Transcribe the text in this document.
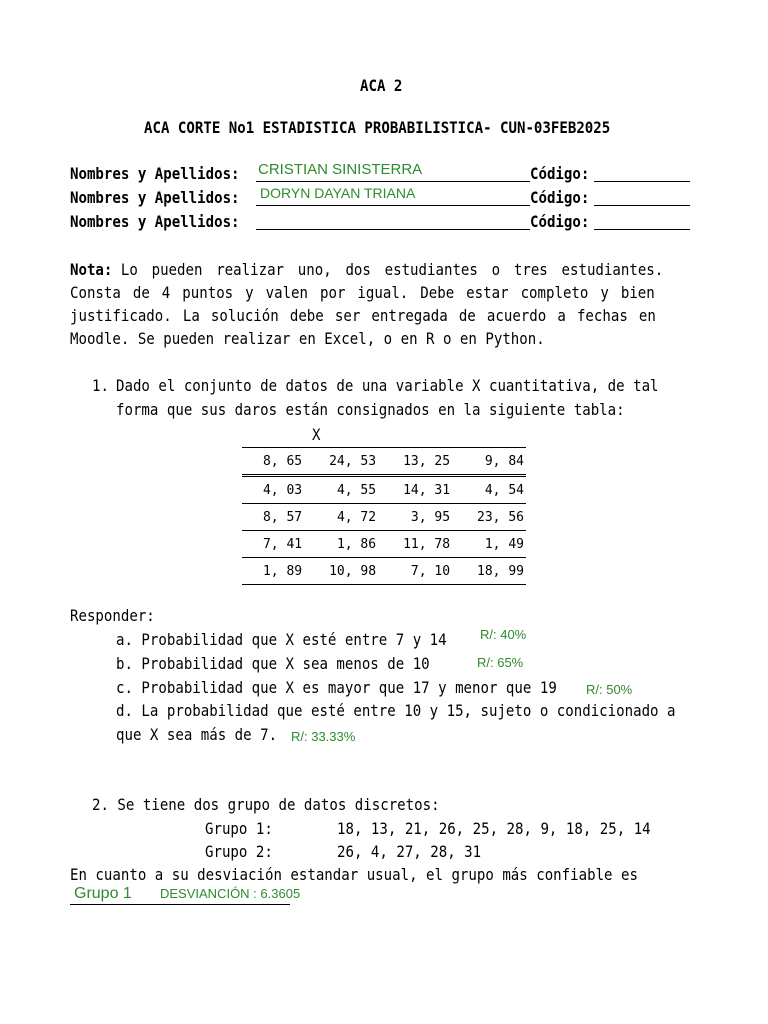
ACA 2
ACA CORTE No1 ESTADISTICA PROBABILISTICA- CUN-03FEB2025
Nombres y Apellidos: CRISTIAN SINISTERRA	Código:
Nombres y Apellidos: DORYN DAYAN TRIANA	Código:
Nombres y Apellidos:	Código:
Nota: Lo pueden realizar uno, dos estudiantes o tres estudiantes.
Consta de 4 puntos y valen por igual. Debe estar completo y bien
justificado. La solución debe ser entregada de acuerdo a fechas en
Moodle. Se pueden realizar en Excel, o en R o en Python.
1. Dado el conjunto de datos de una variable X cuantitativa, de tal
forma que sus daros están consignados en la siguiente tabla:
X
8, 65	24, 53	13, 25	9, 84
4, 03	4, 55	14, 31	4, 54
8, 57	4, 72	3, 95	23, 56
7, 41	1, 86	11, 78	1, 49
1, 89	10, 98	7, 10	18, 99
Responder:
a. Probabilidad que X esté entre 7 y 14	R/: 40%
b. Probabilidad que X sea menos de 10	R/: 65%
c. Probabilidad que X es mayor que 17 y menor que 19 R/: 50%
d. La probabilidad que esté entre 10 y 15, sujeto o condicionado a
que X sea más de 7. R/: 33.33%
2. Se tiene dos grupo de datos discretos:
Grupo 1:	18, 13, 21, 26, 25, 28, 9, 18, 25, 14
Grupo 2:	26, 4, 27, 28, 31
En cuanto a su desviación estandar usual, el grupo más confiable es
Grupo 1 DESVIANCIÓN : 6.3605
